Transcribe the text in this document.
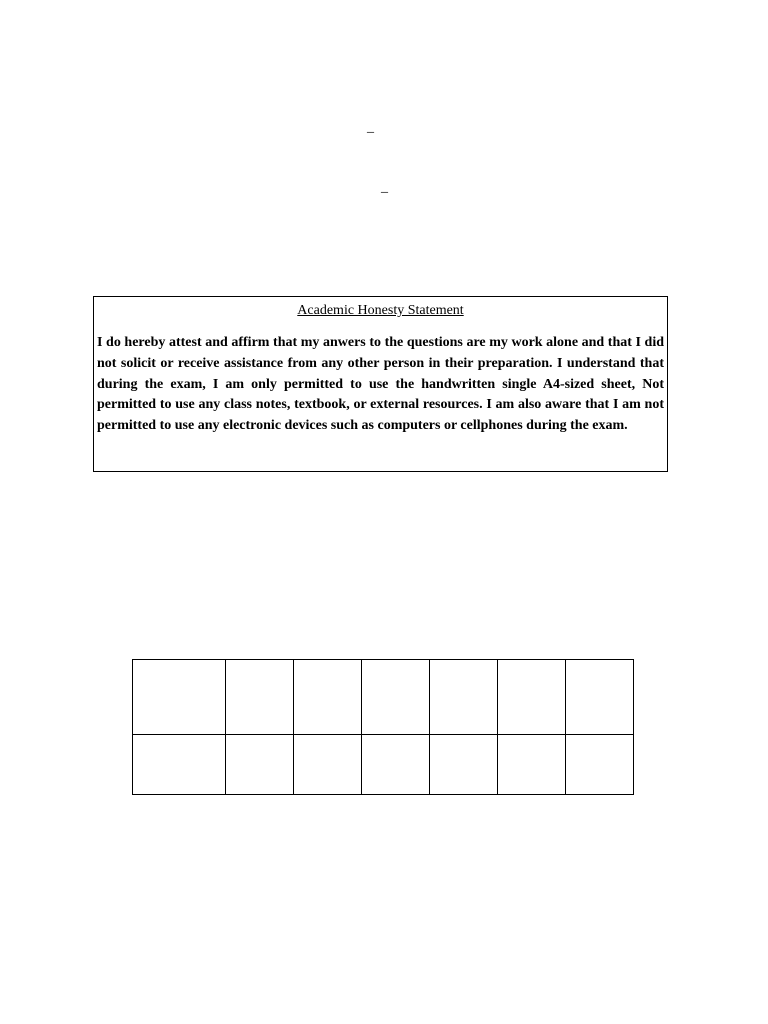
_
_
Academic Honesty Statement

I do hereby attest and affirm that my anwers to the questions are my work alone and that I did not solicit or receive assistance from any other person in their preparation. I understand that during the exam, I am only permitted to use the handwritten single A4-sized sheet, Not permitted to use any class notes, textbook, or external resources. I am also aware that I am not permitted to use any electronic devices such as computers or cellphones during the exam.
